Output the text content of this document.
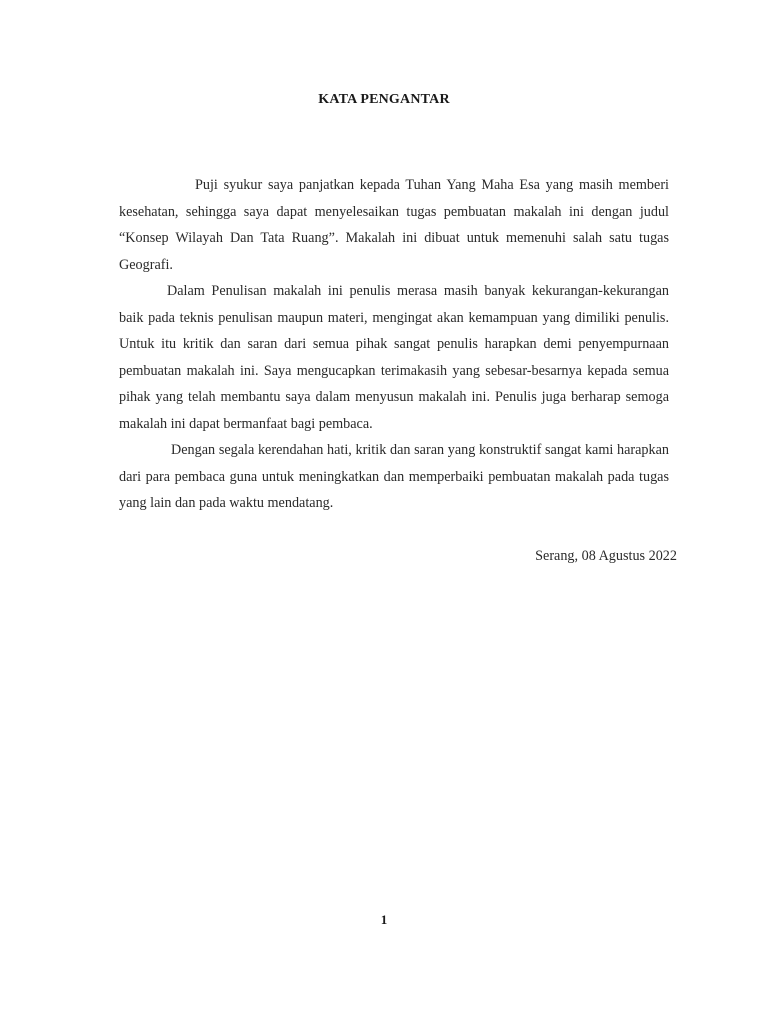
KATA PENGANTAR

Puji syukur saya panjatkan kepada Tuhan Yang Maha Esa yang masih memberi kesehatan, sehingga saya dapat menyelesaikan tugas pembuatan makalah ini dengan judul “Konsep Wilayah Dan Tata Ruang”. Makalah ini dibuat untuk memenuhi salah satu tugas Geografi.

Dalam Penulisan makalah ini penulis merasa masih banyak kekurangan-kekurangan baik pada teknis penulisan maupun materi, mengingat akan kemampuan yang dimiliki penulis. Untuk itu kritik dan saran dari semua pihak sangat penulis harapkan demi penyempurnaan pembuatan makalah ini. Saya mengucapkan terimakasih yang sebesar-besarnya kepada semua pihak yang telah membantu saya dalam menyusun makalah ini. Penulis juga berharap semoga makalah ini dapat bermanfaat bagi pembaca.

Dengan segala kerendahan hati, kritik dan saran yang konstruktif sangat kami harapkan dari para pembaca guna untuk meningkatkan dan memperbaiki pembuatan makalah pada tugas yang lain dan pada waktu mendatang.

Serang, 08 Agustus 2022
1
